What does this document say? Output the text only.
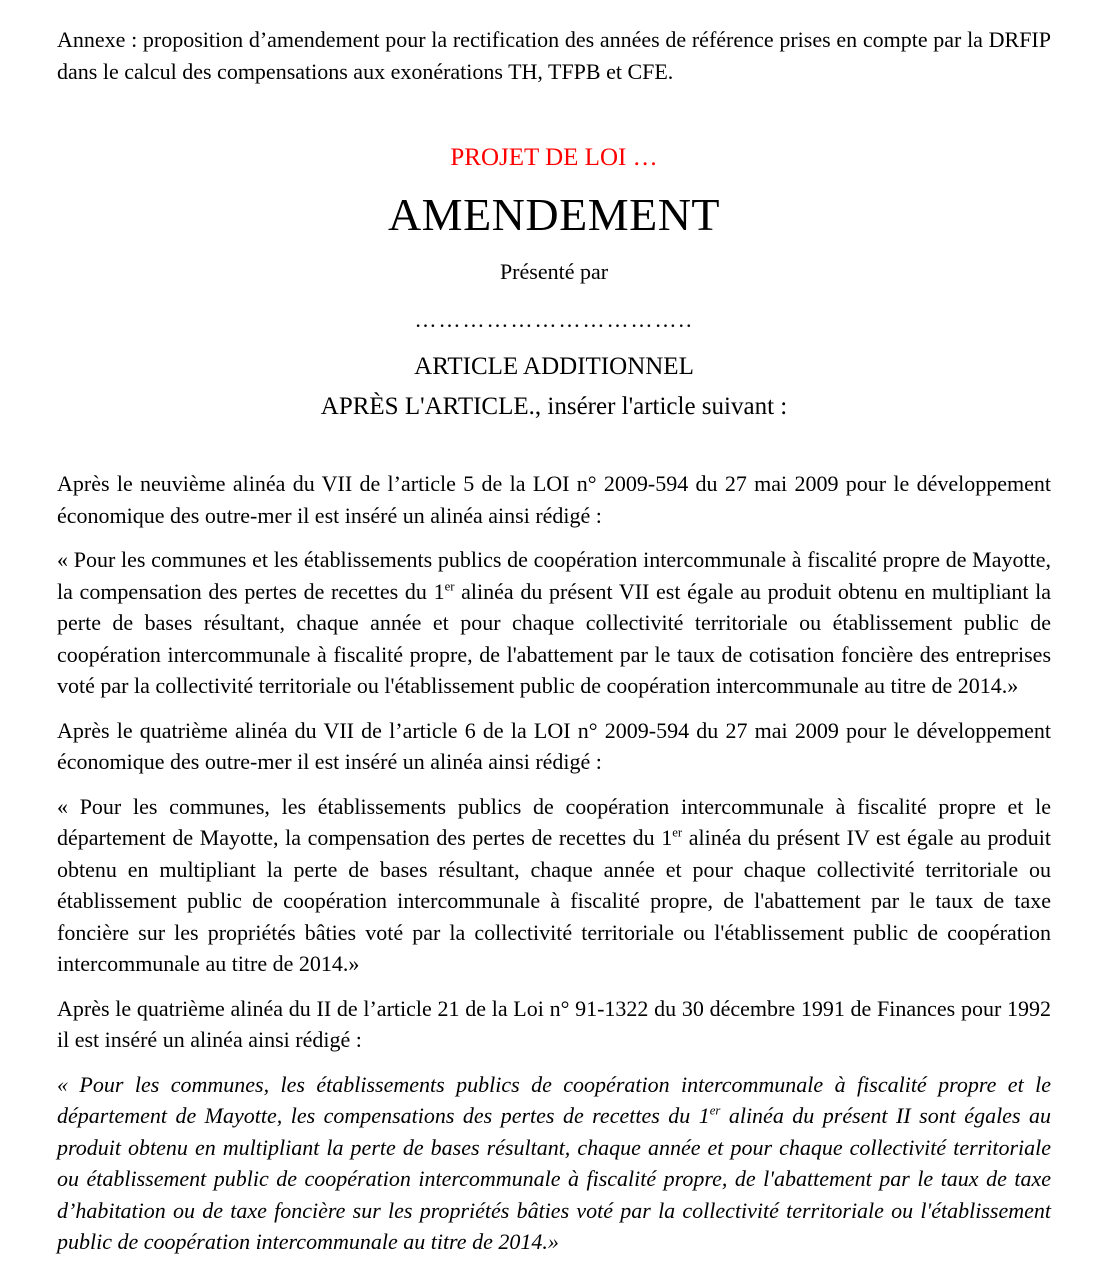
Annexe : proposition d’amendement pour la rectification des années de référence prises en compte par la DRFIP dans le calcul des compensations aux exonérations TH, TFPB et CFE.

PROJET DE LOI …

AMENDEMENT

Présenté par

……………………………..

ARTICLE ADDITIONNEL

APRÈS L'ARTICLE., insérer l'article suivant :

Après le neuvième alinéa du VII de l’article 5 de la LOI n° 2009-594 du 27 mai 2009 pour le développement économique des outre-mer il est inséré un alinéa ainsi rédigé :

« Pour les communes et les établissements publics de coopération intercommunale à fiscalité propre de Mayotte, la compensation des pertes de recettes du 1er alinéa du présent VII est égale au produit obtenu en multipliant la perte de bases résultant, chaque année et pour chaque collectivité territoriale ou établissement public de coopération intercommunale à fiscalité propre, de l'abattement par le taux de cotisation foncière des entreprises voté par la collectivité territoriale ou l'établissement public de coopération intercommunale au titre de 2014.»

Après le quatrième alinéa du VII de l’article 6 de la LOI n° 2009-594 du 27 mai 2009 pour le développement économique des outre-mer il est inséré un alinéa ainsi rédigé :

« Pour les communes, les établissements publics de coopération intercommunale à fiscalité propre et le département de Mayotte, la compensation des pertes de recettes du 1er alinéa du présent IV est égale au produit obtenu en multipliant la perte de bases résultant, chaque année et pour chaque collectivité territoriale ou établissement public de coopération intercommunale à fiscalité propre, de l'abattement par le taux de taxe foncière sur les propriétés bâties voté par la collectivité territoriale ou l'établissement public de coopération intercommunale au titre de 2014.»

Après le quatrième alinéa du II de l’article 21 de la Loi n° 91-1322 du 30 décembre 1991 de Finances pour 1992 il est inséré un alinéa ainsi rédigé :

« Pour les communes, les établissements publics de coopération intercommunale à fiscalité propre et le département de Mayotte, les compensations des pertes de recettes du 1er alinéa du présent II sont égales au produit obtenu en multipliant la perte de bases résultant, chaque année et pour chaque collectivité territoriale ou établissement public de coopération intercommunale à fiscalité propre, de l'abattement par le taux de taxe d’habitation ou de taxe foncière sur les propriétés bâties voté par la collectivité territoriale ou l'établissement public de coopération intercommunale au titre de 2014.»
